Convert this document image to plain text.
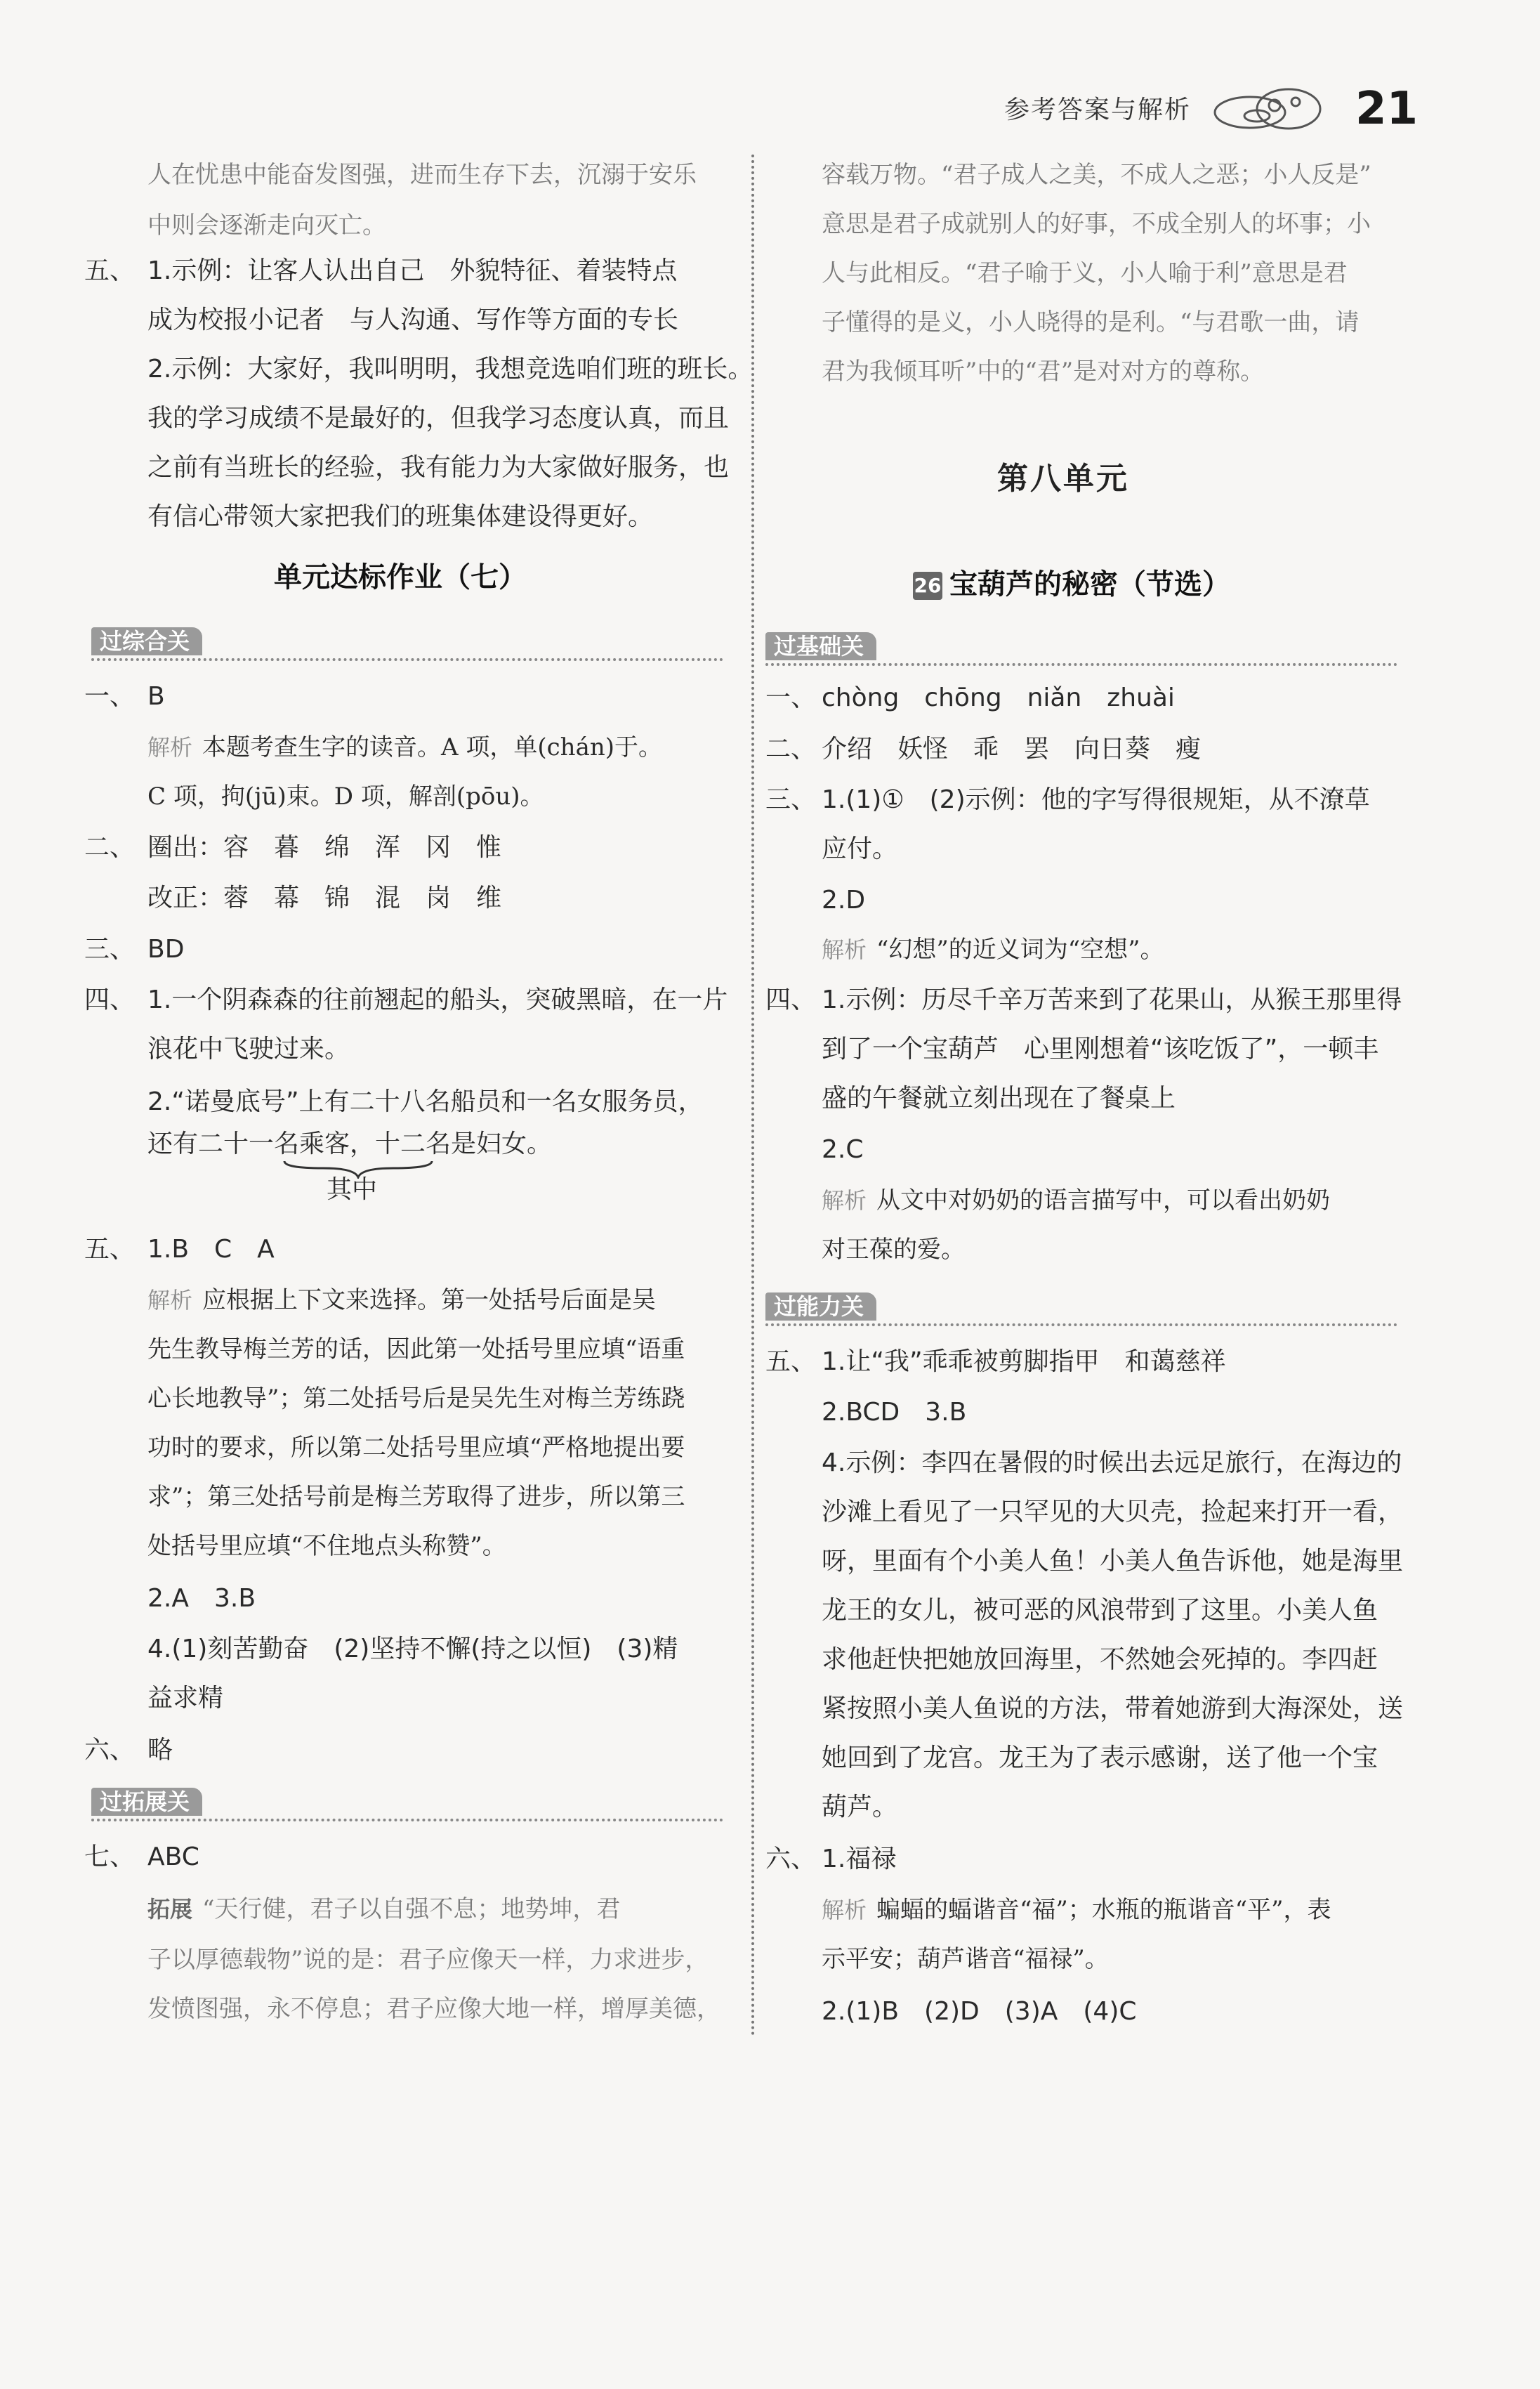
参考答案与解析	21
人在忧患中能奋发图强，进而生存下去，沉溺于安乐
中则会逐渐走向灭亡。
五、 1.示例：让客人认出自己　外貌特征、着装特点
成为校报小记者　与人沟通、写作等方面的专长
2.示例：大家好，我叫明明，我想竞选咱们班的班长。
我的学习成绩不是最好的，但我学习态度认真，而且
之前有当班长的经验，我有能力为大家做好服务，也
有信心带领大家把我们的班集体建设得更好。
单元达标作业（七）
过综合关
一、 B
解析 本题考查生字的读音。A 项，单(chán)于。
C 项，拘(jū)束。D 项，解剖(pōu)。
二、 圈出：容　暮　绵　浑　冈　惟
改正：蓉　幕　锦　混　岗　维
三、 BD
四、 1.一个阴森森的往前翘起的船头，突破黑暗，在一片
浪花中飞驶过来。
2.“诺曼底号”上有二十八名船员和一名女服务员，
还有二十一名乘客，十二名是妇女。
其中
五、 1.B　C　A
解析 应根据上下文来选择。第一处括号后面是吴
先生教导梅兰芳的话，因此第一处括号里应填“语重
心长地教导”；第二处括号后是吴先生对梅兰芳练跷
功时的要求，所以第二处括号里应填“严格地提出要
求”；第三处括号前是梅兰芳取得了进步，所以第三
处括号里应填“不住地点头称赞”。
2.A　3.B
4.(1)刻苦勤奋　(2)坚持不懈(持之以恒)　(3)精
益求精
六、 略
过拓展关
七、 ABC
拓展 “天行健，君子以自强不息；地势坤，君
子以厚德载物”说的是：君子应像天一样，力求进步，
发愤图强，永不停息；君子应像大地一样，增厚美德，
容载万物。“君子成人之美，不成人之恶；小人反是”
意思是君子成就别人的好事，不成全别人的坏事；小
人与此相反。“君子喻于义，小人喻于利”意思是君
子懂得的是义，小人晓得的是利。“与君歌一曲，请
君为我倾耳听”中的“君”是对对方的尊称。
第八单元
26 宝葫芦的秘密（节选）
过基础关
一、 chòng　chōng　niǎn　zhuài
二、 介绍　妖怪　乖　罢　向日葵　瘦
三、 1.(1)①　(2)示例：他的字写得很规矩，从不潦草
应付。
2.D
解析 “幻想”的近义词为“空想”。
四、 1.示例：历尽千辛万苦来到了花果山，从猴王那里得
到了一个宝葫芦　心里刚想着“该吃饭了”，一顿丰
盛的午餐就立刻出现在了餐桌上
2.C
解析 从文中对奶奶的语言描写中，可以看出奶奶
对王葆的爱。
过能力关
五、 1.让“我”乖乖被剪脚指甲　和蔼慈祥
2.BCD　3.B
4.示例：李四在暑假的时候出去远足旅行，在海边的
沙滩上看见了一只罕见的大贝壳，捡起来打开一看，
呀，里面有个小美人鱼！小美人鱼告诉他，她是海里
龙王的女儿，被可恶的风浪带到了这里。小美人鱼
求他赶快把她放回海里，不然她会死掉的。李四赶
紧按照小美人鱼说的方法，带着她游到大海深处，送
她回到了龙宫。龙王为了表示感谢，送了他一个宝
葫芦。
六、 1.福禄
解析 蝙蝠的蝠谐音“福”；水瓶的瓶谐音“平”，表
示平安；葫芦谐音“福禄”。
2.(1)B　(2)D　(3)A　(4)C
